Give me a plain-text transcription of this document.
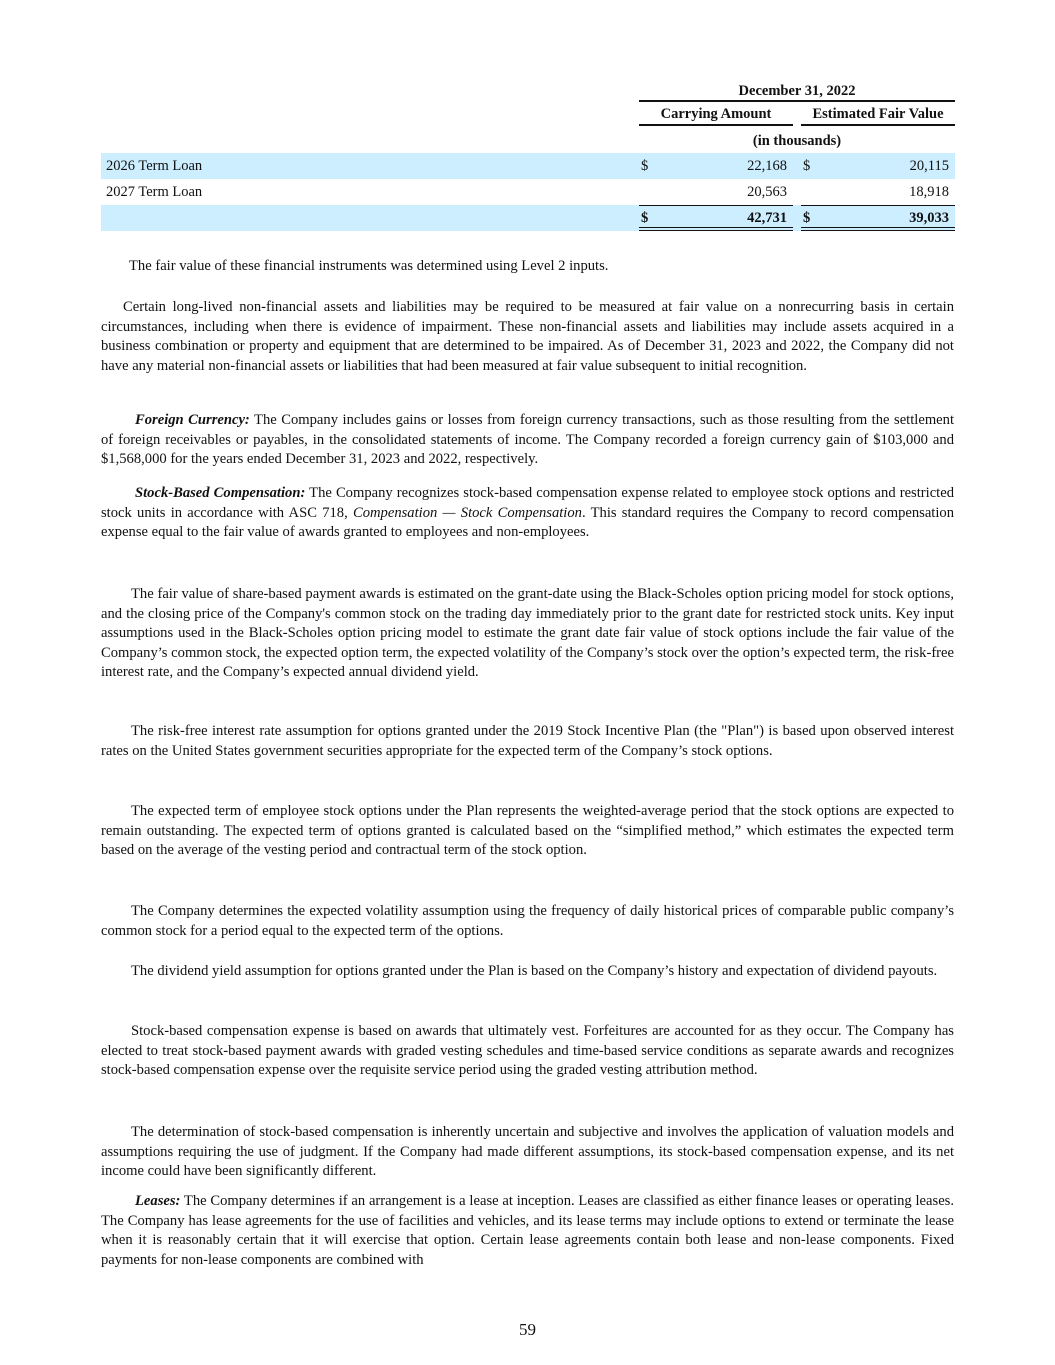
December 31, 2022
Carrying Amount	Estimated Fair Value
(in thousands)
2026 Term Loan	$	22,168 $	20,115
2027 Term Loan	20,563	18,918
$	42,731 $	39,033

The fair value of these financial instruments was determined using Level 2 inputs.

Certain long-lived non-financial assets and liabilities may be required to be measured at fair value on a nonrecurring basis in certain circumstances, including when there is evidence of impairment. These non-financial assets and liabilities may include assets acquired in a business combination or property and equipment that are determined to be impaired. As of December 31, 2023 and 2022, the Company did not have any material non-financial assets or liabilities that had been measured at fair value subsequent to initial recognition.

Foreign Currency: The Company includes gains or losses from foreign currency transactions, such as those resulting from the settlement of foreign receivables or payables, in the consolidated statements of income. The Company recorded a foreign currency gain of $103,000 and $1,568,000 for the years ended December 31, 2023 and 2022, respectively.

Stock-Based Compensation: The Company recognizes stock-based compensation expense related to employee stock options and restricted stock units in accordance with ASC 718, Compensation — Stock Compensation. This standard requires the Company to record compensation expense equal to the fair value of awards granted to employees and non-employees.

The fair value of share-based payment awards is estimated on the grant-date using the Black-Scholes option pricing model for stock options, and the closing price of the Company's common stock on the trading day immediately prior to the grant date for restricted stock units. Key input assumptions used in the Black-Scholes option pricing model to estimate the grant date fair value of stock options include the fair value of the Company’s common stock, the expected option term, the expected volatility of the Company’s stock over the option’s expected term, the risk-free interest rate, and the Company’s expected annual dividend yield.

The risk-free interest rate assumption for options granted under the 2019 Stock Incentive Plan (the "Plan") is based upon observed interest rates on the United States government securities appropriate for the expected term of the Company’s stock options.

The expected term of employee stock options under the Plan represents the weighted-average period that the stock options are expected to remain outstanding. The expected term of options granted is calculated based on the “simplified method,” which estimates the expected term based on the average of the vesting period and contractual term of the stock option.

The Company determines the expected volatility assumption using the frequency of daily historical prices of comparable public company’s common stock for a period equal to the expected term of the options.

The dividend yield assumption for options granted under the Plan is based on the Company’s history and expectation of dividend payouts.

Stock-based compensation expense is based on awards that ultimately vest. Forfeitures are accounted for as they occur. The Company has elected to treat stock-based payment awards with graded vesting schedules and time-based service conditions as separate awards and recognizes stock-based compensation expense over the requisite service period using the graded vesting attribution method.

The determination of stock-based compensation is inherently uncertain and subjective and involves the application of valuation models and assumptions requiring the use of judgment. If the Company had made different assumptions, its stock-based compensation expense, and its net income could have been significantly different.

Leases: The Company determines if an arrangement is a lease at inception. Leases are classified as either finance leases or operating leases. The Company has lease agreements for the use of facilities and vehicles, and its lease terms may include options to extend or terminate the lease when it is reasonably certain that it will exercise that option. Certain lease agreements contain both lease and non-lease components. Fixed payments for non-lease components are combined with

59
